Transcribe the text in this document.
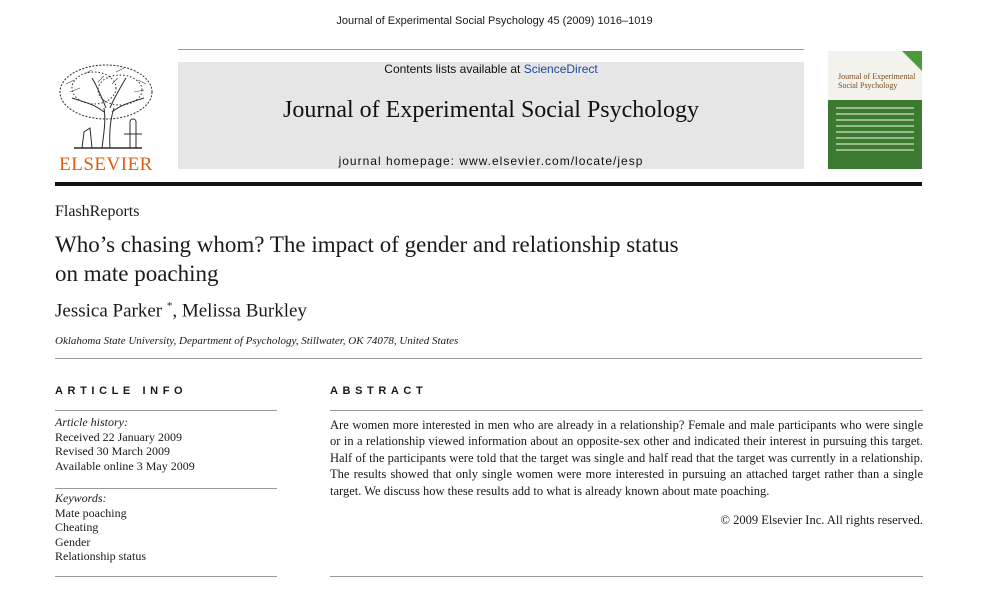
Journal of Experimental Social Psychology 45 (2009) 1016–1019
ELSEVIER
Contents lists available at ScienceDirect
Journal of Experimental Social Psychology
journal homepage: www.elsevier.com/locate/jesp
Journal of Experimental Social Psychology
FlashReports
Who’s chasing whom? The impact of gender and relationship status
on mate poaching
Jessica Parker *, Melissa Burkley
Oklahoma State University, Department of Psychology, Stillwater, OK 74078, United States
ARTICLE INFO
Article history:
Received 22 January 2009
Revised 30 March 2009
Available online 3 May 2009
Keywords:
Mate poaching
Cheating
Gender
Relationship status
ABSTRACT
Are women more interested in men who are already in a relationship? Female and male participants who were single or in a relationship viewed information about an opposite-sex other and indicated their interest in pursuing this target. Half of the participants were told that the target was single and half read that the target was currently in a relationship. The results showed that only single women were more interested in pursuing an attached target rather than a single target. We discuss how these results add to what is already known about mate poaching.
© 2009 Elsevier Inc. All rights reserved.
